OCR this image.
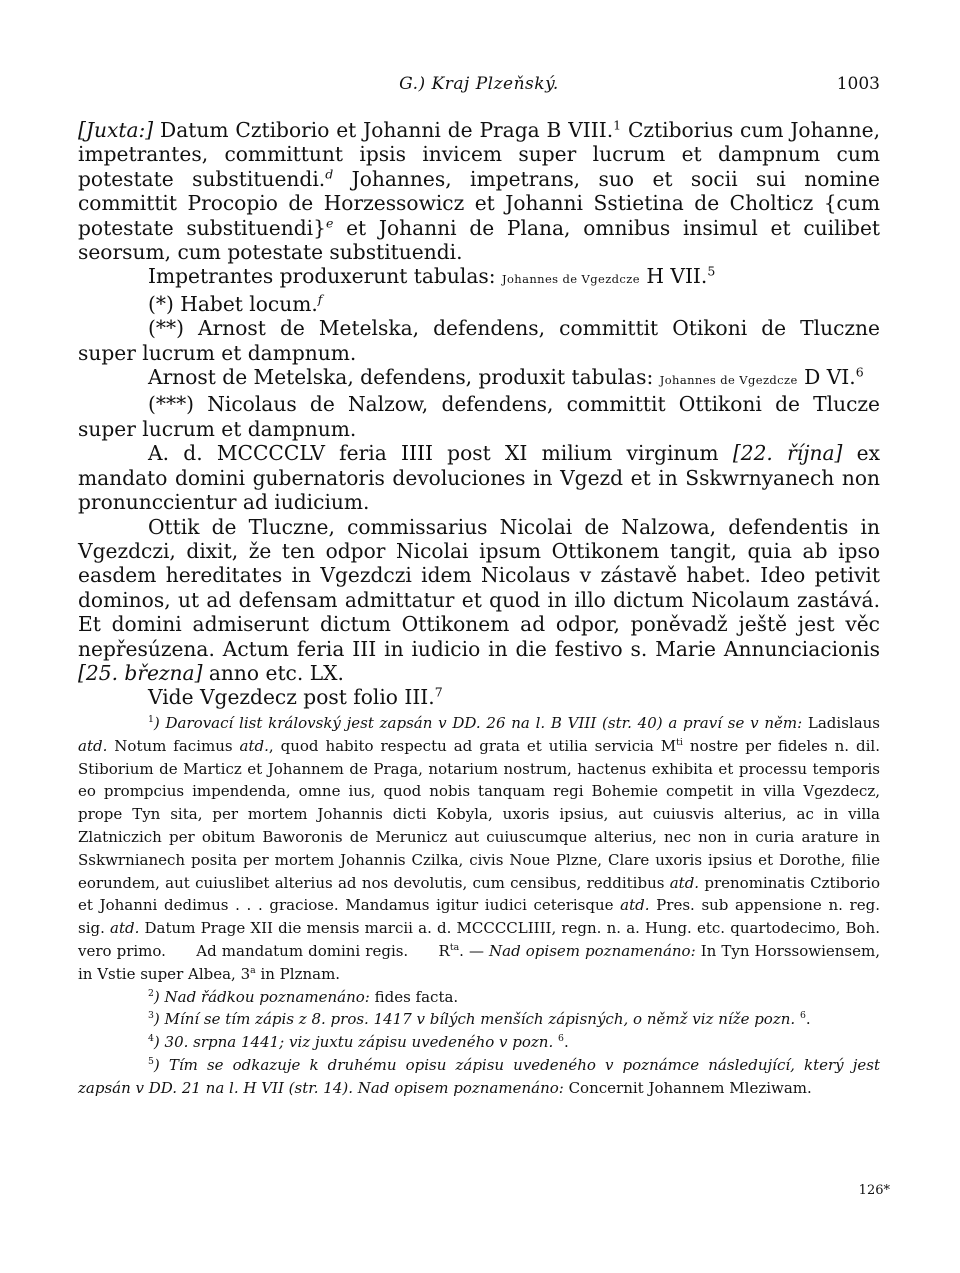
G.) Kraj Plzeňský.	1003

[Juxta:] Datum Cztiborio et Johanni de Praga B VIII.$^1$ Cztiborius cum Johanne, impetrantes, committunt ipsis invicem super lucrum et dampnum cum potestate substituendi.$^d$ Johannes, impetrans, suo et socii sui nomine committit Procopio de Horzessowicz et Johanni Sstietina de Cholticz {cum potestate substituendi}$^e$ et Johanni de Plana, omnibus insimul et cuilibet seorsum, cum potestate substituendi.

Impetrantes produxerunt tabulas: Johannes de Vgezdcze H VII.$^5$

(*) Habet locum.$^f$

(**) Arnost de Metelska, defendens, committit Otikoni de Tluczne super lucrum et dampnum.

Arnost de Metelska, defendens, produxit tabulas: Johannes de Vgezdcze D VI.$^6$

(***) Nicolaus de Nalzow, defendens, committit Ottikoni de Tlucze super lucrum et dampnum.

A. d. MCCCCLV feria IIII post XI milium virginum [22. října] ex mandato domini gubernatoris devoluciones in Vgezd et in Sskwrnyanech non pronunccientur ad iudicium.

Ottik de Tluczne, commissarius Nicolai de Nalzowa, defendentis in Vgezdczi, dixit, že ten odpor Nicolai ipsum Ottikonem tangit, quia ab ipso easdem hereditates in Vgezdczi idem Nicolaus v zástavě habet. Ideo petivit dominos, ut ad defensam admittatur et quod in illo dictum Nicolaum zastává. Et domini admiserunt dictum Ottikonem ad odpor, poněvadž ještě jest věc nepřesúzena. Actum feria III in iudicio in die festivo s. Marie Annunciacionis [25. března] anno etc. LX.

Vide Vgezdecz post folio III.$^7$

$^1$) Darovací list královský jest zapsán v DD. 26 na l. B VIII (str. 40) a praví se v něm: Ladislaus atd. Notum facimus atd., quod habito respectu ad grata et utilia servicia $M^{ti}$ nostre per fideles n. dil. Stiborium de Marticz et Johannem de Praga, notarium nostrum, hactenus exhibita et processu temporis eo prompcius impendenda, omne ius, quod nobis tanquam regi Bohemie competit in villa Vgezdecz, prope Tyn sita, per mortem Johannis dicti Kobyla, uxoris ipsius, aut cuiusvis alterius, ac in villa Zlatniczich per obitum Baworonis de Merunicz aut cuiuscumque alterius, nec non in curia arature in Sskwrnianech posita per mortem Johannis Czilka, civis Noue Plzne, Clare uxoris ipsius et Dorothe, filie eorundem, aut cuiuslibet alterius ad nos devolutis, cum censibus, redditibus atd. prenominatis Cztiborio et Johanni dedimus . . . graciose. Mandamus igitur iudici ceterisque atd. Pres. sub appensione n. reg. sig. atd. Datum Prage XII die mensis marcii a. d. MCCCCLIIII, regn. n. a. Hung. etc. quartodecimo, Boh. vero primo.      Ad mandatum domini regis.      $R^{ta}$. — Nad opisem poznamenáno: In Tyn Horssowiensem, in Vstie super Albea, 3$^a$ in Plznam.

$^2$) Nad řádkou poznamenáno: fides facta.

$^3$) Míní se tím zápis z 8. pros. 1417 v bílých menších zápisných, o němž viz níže pozn. $^6$.

$^4$) 30. srpna 1441; viz juxtu zápisu uvedeného v pozn. $^6$.

$^5$) Tím se odkazuje k druhému opisu zápisu uvedeného v poznámce následující, který jest zapsán v DD. 21 na l. H VII (str. 14). Nad opisem poznamenáno: Concernit Johannem Mleziwam.

126*
